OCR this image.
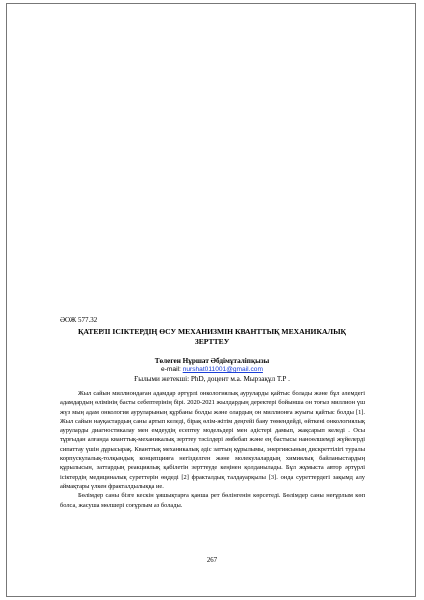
ӘОЖ 577.32
ҚАТЕРЛІ ІСІКТЕРДІҢ ӨСУ МЕХАНИЗМІН КВАНТТЫҚ МЕХАНИКАЛЫҚ
ЗЕРТТЕУ
Төлеген Нұршат Әбдімұталіпқызы
e-mail: nurshat011001@gmail.com
Ғылыми жетекші: PhD, доцент м.а. Мырзақұл Т.Р .

Жыл сайын миллиондаған адамдар әртүрлі онкологиялық ауруларды қайтыс болады және бұл әлемдегі адамдардың өлімінің басты себептерінің бірі. 2020-2021 жылдардың деректері бойынша он тоғыз миллион үш жүз мың адам онкология ауруларының құрбаны болды және олардың он миллионға жуығы қайтыс болды [1]. Жыл сайын науқастардың саны артып келеді, бірақ өлім-жітім деңгейі баяу төмендейді, өйткені онкологиялық ауруларды диагностикалау мен емдеудің есептеу модельдері мен әдістері дамып, жақсарып келеді . Осы тұрғыдан алғанда кванттық-механикалық зерттеу тәсілдері әмбебап және ең бастысы наноөлшемді жүйелерді сипаттау үшін дұрысырақ. Кванттық механикалық әдіс заттың құрылымы, энергиясының дискреттілігі туралы корпускулалық-толқындық концепцияға негізделген және молекулалардың химиялық байланыстардың құрылысын, заттардың реакциялық қабілетін зерттеуде кеңінен қолданылады. Бұл жұмыста автор әртүрлі ісіктердің медициналық суреттерін өңдеді [2] фракталдық талдауарқылы [3]. онда суреттердегі зақымд алу аймақтары үлкен фракталдылыққа ие.

Бөлімдер саны бізге кескін ұяшықтарға қанша рет бөлінгенін көрсетеді. Бөлімдер саны неғұрлым көп болса, жасуша мөлшері соғұрлым аз болады.

267
